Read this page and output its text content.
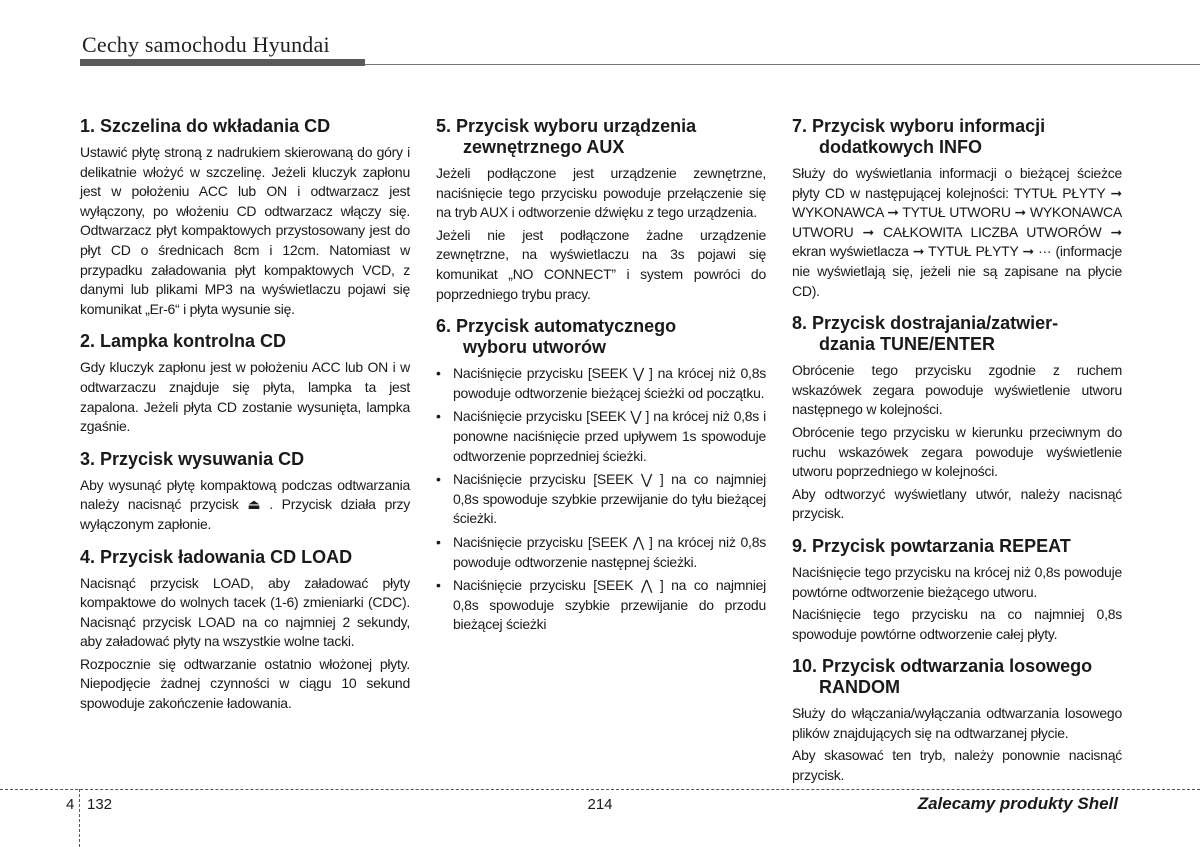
Cechy samochodu Hyundai
1. Szczelina do wkładania CD

Ustawić płytę stroną z nadrukiem skierowaną do góry i delikatnie włożyć w szczelinę. Jeżeli kluczyk zapłonu jest w położeniu ACC lub ON i odtwarzacz jest wyłączony, po włożeniu CD odtwarzacz włączy się. Odtwarzacz płyt kompaktowych przystosowany jest do płyt CD o średnicach 8cm i 12cm. Natomiast w przypadku załadowania płyt kompaktowych VCD, z danymi lub plikami MP3 na wyświetlaczu pojawi się komunikat „Er-6“ i płyta wysunie się.

2. Lampka kontrolna CD

Gdy kluczyk zapłonu jest w położeniu ACC lub ON i w odtwarzaczu znajduje się płyta, lampka ta jest zapalona. Jeżeli płyta CD zostanie wysunięta, lampka zgaśnie.

3. Przycisk wysuwania CD

Aby wysunąć płytę kompaktową podczas odtwarzania należy nacisnąć przycisk ⏏ . Przycisk działa przy wyłączonym zapłonie.

4. Przycisk ładowania CD LOAD

Nacisnąć przycisk LOAD, aby załadować płyty kompaktowe do wolnych tacek (1-6) zmieniarki (CDC). Nacisnąć przycisk LOAD na co najmniej 2 sekundy, aby załadować płyty na wszystkie wolne tacki.

Rozpocznie się odtwarzanie ostatnio włożonej płyty. Niepodjęcie żadnej czynności w ciągu 10 sekund spowoduje zakończenie ładowania.

5. Przycisk wyboru urządzenia
zewnętrznego AUX

Jeżeli podłączone jest urządzenie zewnętrzne, naciśnięcie tego przycisku powoduje przełączenie się na tryb AUX i odtworzenie dźwięku z tego urządzenia.

Jeżeli nie jest podłączone żadne urządzenie zewnętrzne, na wyświetlaczu na 3s pojawi się komunikat „NO CONNECT” i system powróci do poprzedniego trybu pracy.

6. Przycisk automatycznego
wyboru utworów
• Naciśnięcie przycisku [SEEK ⋁ ] na krócej niż 0,8s powoduje odtworzenie bieżącej ścieżki od początku.
• Naciśnięcie przycisku [SEEK ⋁ ] na krócej niż 0,8s i ponowne naciśnięcie przed upływem 1s spowoduje odtworzenie poprzedniej ścieżki.
• Naciśnięcie przycisku [SEEK ⋁ ] na co najmniej 0,8s spowoduje szybkie przewijanie do tyłu bieżącej ścieżki.
• Naciśnięcie przycisku [SEEK ⋀ ] na krócej niż 0,8s powoduje odtworzenie następnej ścieżki.
• Naciśnięcie przycisku [SEEK ⋀ ] na co najmniej 0,8s spowoduje szybkie przewijanie do przodu bieżącej ścieżki
7. Przycisk wyboru informacji
dodatkowych INFO

Służy do wyświetlania informacji o bieżącej ścieżce płyty CD w następującej kolejności: TYTUŁ PŁYTY ➞ WYKONAWCA ➞ TYTUŁ UTWORU ➞ WYKONAWCA UTWORU ➞ CAŁKOWITA LICZBA UTWORÓW ➞ ekran wyświetlacza ➞ TYTUŁ PŁYTY ➞ ··· (informacje nie wyświetlają się, jeżeli nie są zapisane na płycie CD).

8. Przycisk dostrajania/zatwier-
dzania TUNE/ENTER

Obrócenie tego przycisku zgodnie z ruchem wskazówek zegara powoduje wyświetlenie utworu następnego w kolejności.

Obrócenie tego przycisku w kierunku przeciwnym do ruchu wskazówek zegara powoduje wyświetlenie utworu poprzedniego w kolejności.

Aby odtworzyć wyświetlany utwór, należy nacisnąć przycisk.

9. Przycisk powtarzania REPEAT

Naciśnięcie tego przycisku na krócej niż 0,8s powoduje powtórne odtworzenie bieżącego utworu.

Naciśnięcie tego przycisku na co najmniej 0,8s spowoduje powtórne odtworzenie całej płyty.

10. Przycisk odtwarzania losowego
RANDOM

Służy do włączania/wyłączania odtwarzania losowego plików znajdujących się na odtwarzanej płycie.

Aby skasować ten tryb, należy ponownie nacisnąć przycisk.

4 132	214	Zalecamy produkty Shell
